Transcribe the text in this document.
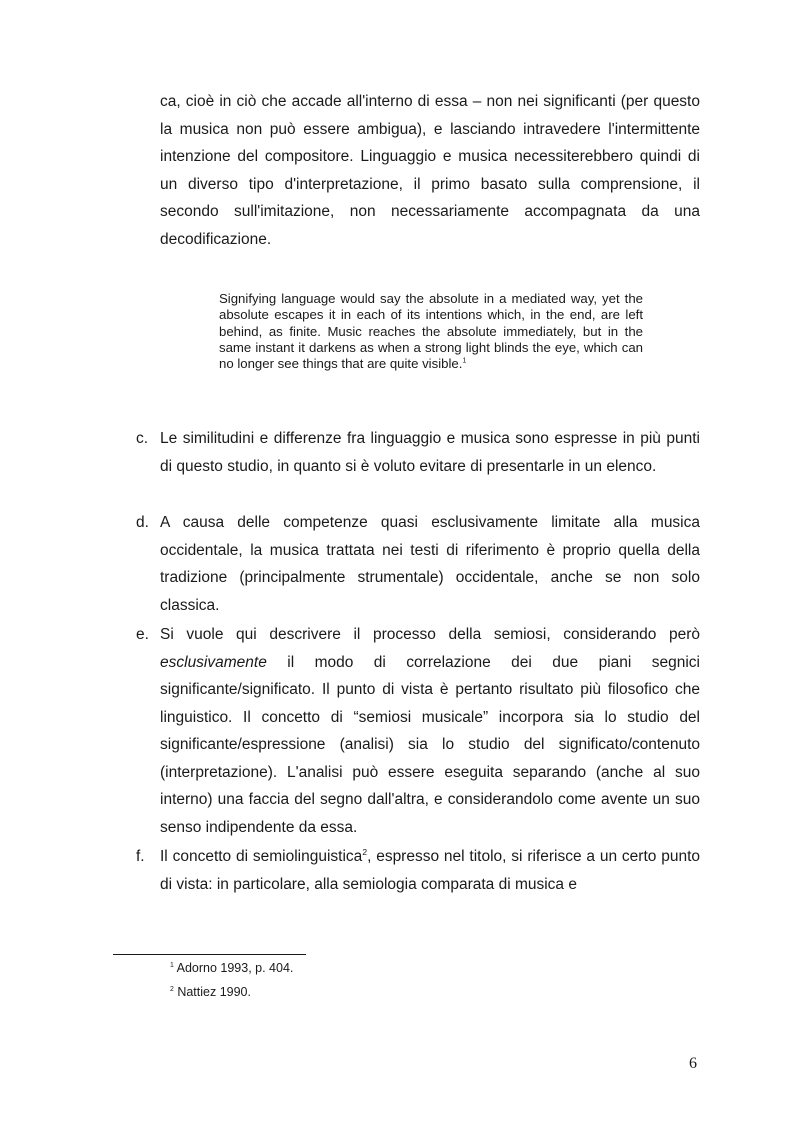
ca, cioè in ciò che accade all'interno di essa – non nei significanti (per questo la musica non può essere ambigua), e lasciando intravedere l'intermittente intenzione del compositore. Linguaggio e musica necessiterebbero quindi di un diverso tipo d'interpretazione, il primo basato sulla comprensione, il secondo sull'imitazione, non necessariamente accompagnata da una decodificazione.
Signifying language would say the absolute in a mediated way, yet the absolute escapes it in each of its intentions which, in the end, are left behind, as finite. Music reaches the absolute immediately, but in the same instant it darkens as when a strong light blinds the eye, which can no longer see things that are quite visible.$^1$
c. Le similitudini e differenze fra linguaggio e musica sono espresse in più punti di questo studio, in quanto si è voluto evitare di presentarle in un elenco.
d. A causa delle competenze quasi esclusivamente limitate alla musica occidentale, la musica trattata nei testi di riferimento è proprio quella della tradizione (principalmente strumentale) occidentale, anche se non solo classica.
e. Si vuole qui descrivere il processo della semiosi, considerando però esclusivamente il modo di correlazione dei due piani segnici significante/significato. Il punto di vista è pertanto risultato più filosofico che linguistico. Il concetto di “semiosi musicale” incorpora sia lo studio del significante/espressione (analisi) sia lo studio del significato/contenuto (interpretazione). L'analisi può essere eseguita separando (anche al suo interno) una faccia del segno dall'altra, e considerandolo come avente un suo senso indipendente da essa.
f. Il concetto di semiolinguistica$^2$, espresso nel titolo, si riferisce a un certo punto di vista: in particolare, alla semiologia comparata di musica e
$^1$ Adorno 1993, p. 404.
$^2$ Nattiez 1990.
6
